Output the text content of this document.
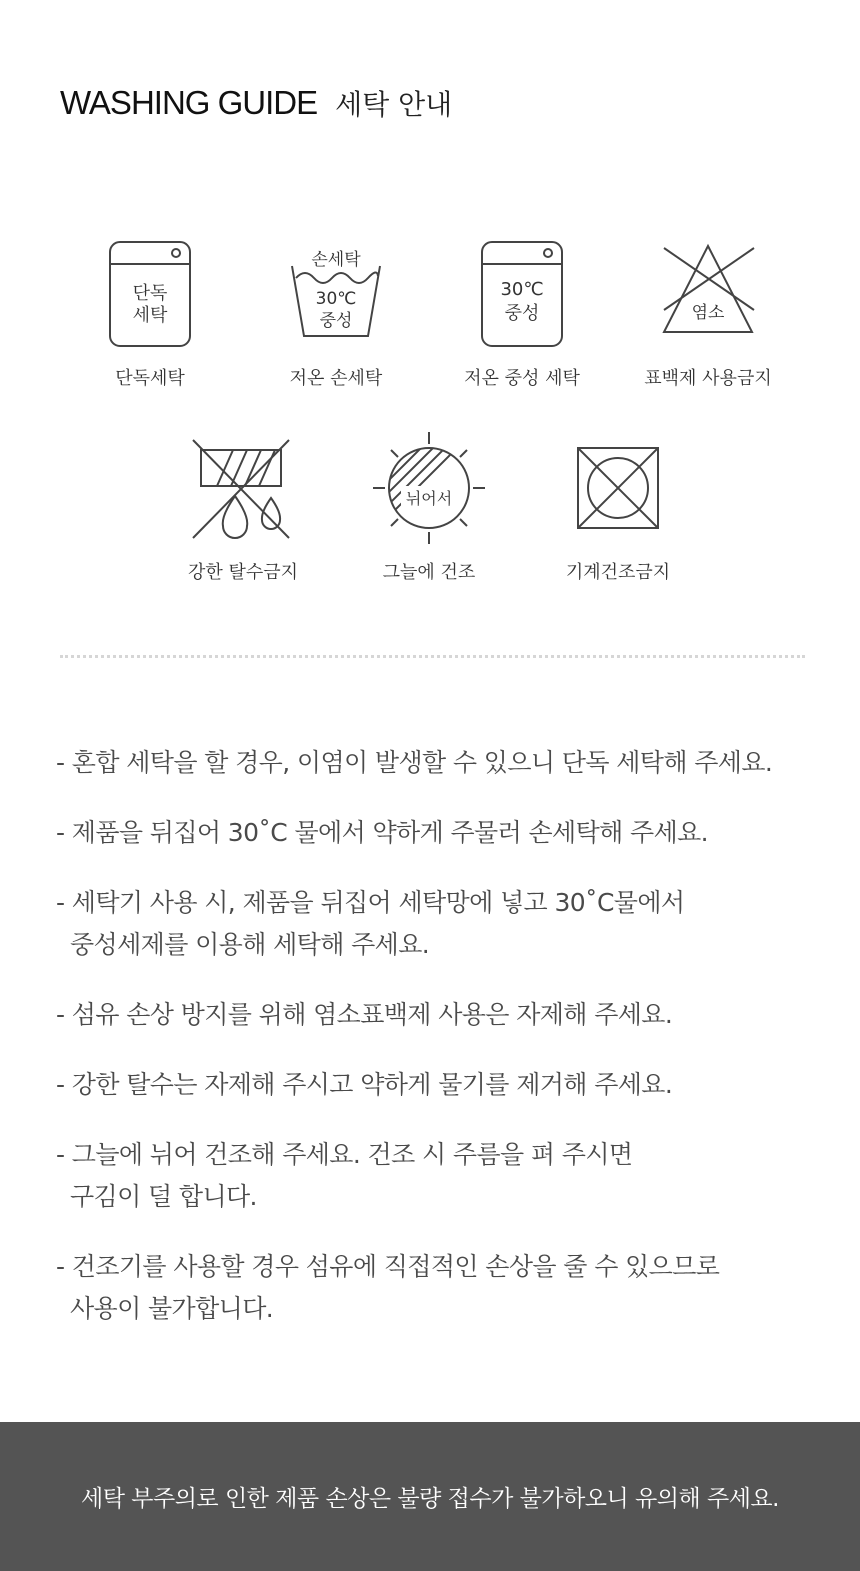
WASHING GUIDE 세탁 안내
단독
세탁
단독세탁
손세탁
30℃
중성
저온 손세탁
30℃
중성
저온 중성 세탁
염소
표백제 사용금지
강한 탈수금지
뉘어서
그늘에 건조	기계건조금지
- 혼합 세탁을 할 경우, 이염이 발생할 수 있으니 단독 세탁해 주세요.
- 제품을 뒤집어 30˚C 물에서 약하게 주물러 손세탁해 주세요.
- 세탁기 사용 시, 제품을 뒤집어 세탁망에 넣고 30˚C물에서
중성세제를 이용해 세탁해 주세요.
- 섬유 손상 방지를 위해 염소표백제 사용은 자제해 주세요.
- 강한 탈수는 자제해 주시고 약하게 물기를 제거해 주세요.
- 그늘에 뉘어 건조해 주세요. 건조 시 주름을 펴 주시면
구김이 덜 합니다.
- 건조기를 사용할 경우 섬유에 직접적인 손상을 줄 수 있으므로
사용이 불가합니다.
세탁 부주의로 인한 제품 손상은 불량 접수가 불가하오니 유의해 주세요.
